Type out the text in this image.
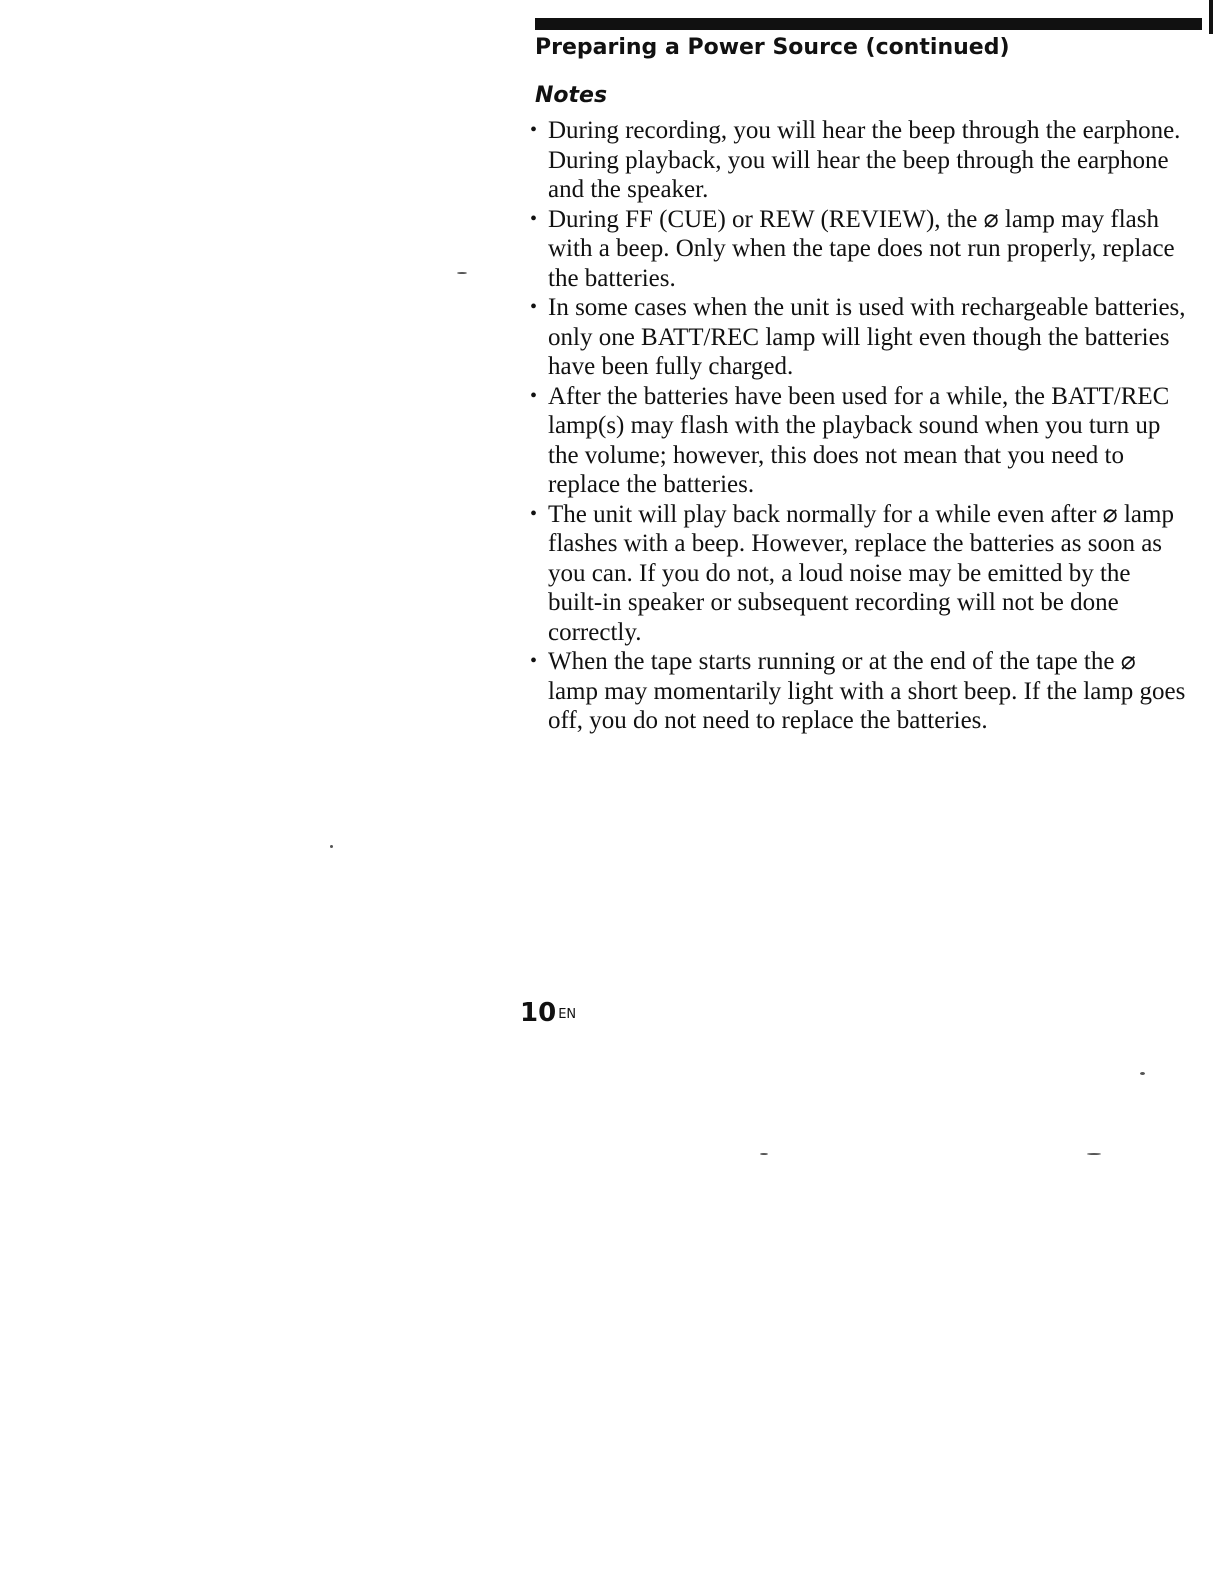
Preparing a Power Source (continued)
Notes
• During recording, you will hear the beep through the earphone. During playback, you will hear the beep through the earphone and the speaker.
• During FF (CUE) or REW (REVIEW), the ⌀ lamp may flash with a beep. Only when the tape does not run properly, replace the batteries.
• In some cases when the unit is used with rechargeable batteries, only one BATT/REC lamp will light even though the batteries have been fully charged.
• After the batteries have been used for a while, the BATT/REC lamp(s) may flash with the playback sound when you turn up the volume; however, this does not mean that you need to replace the batteries.
• The unit will play back normally for a while even after ⌀ lamp flashes with a beep. However, replace the batteries as soon as you can. If you do not, a loud noise may be emitted by the built-in speaker or subsequent recording will not be done correctly.
• When the tape starts running or at the end of the tape the ⌀ lamp may momentarily light with a short beep. If the lamp goes off, you do not need to replace the batteries.
10 $^{EN}$
